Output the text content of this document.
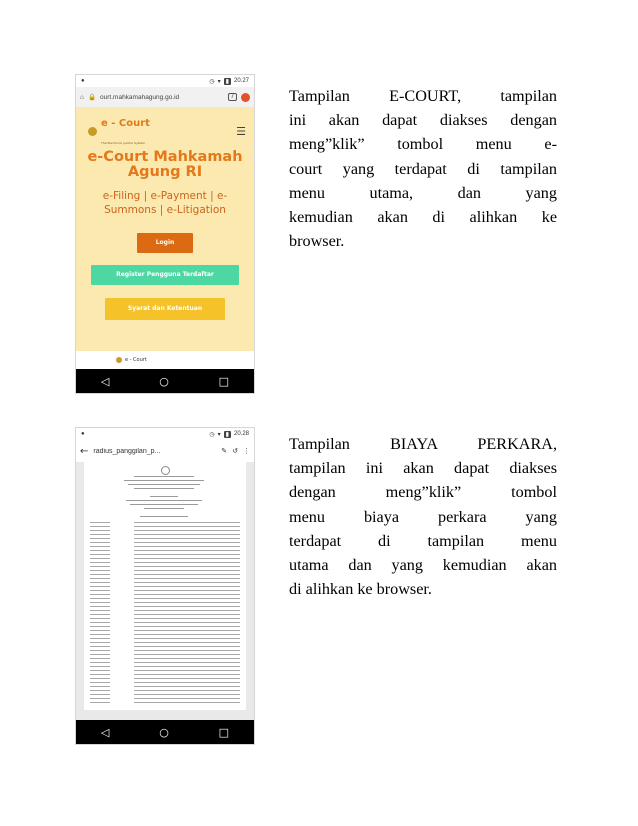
●	◷ ▾ ▮ 20.27
⌂ 🔒 ourt.mahkamahagung.go.id	7
e - Court
The Electronic Justice System
☰
e-Court Mahkamah
Agung RI
e-Filing | e-Payment | e-
Summons | e-Litigation
Login
Register Pengguna Terdaftar
Syarat dan Ketentuan
e - Court
◁	○	□
Tampilan E-COURT, tampilan
ini akan dapat diakses dengan
meng”klik” tombol menu e-
court yang terdapat di tampilan
menu utama, dan yang
kemudian akan di alihkan ke
browser.
●	◷ ▾ ▮ 20.28
← radius_panggilan_p...	✎ ↺ ⋮
◁	○	□
Tampilan BIAYA PERKARA,
tampilan ini akan dapat diakses
dengan meng”klik” tombol
menu biaya perkara yang
terdapat di tampilan menu
utama dan yang kemudian akan
di alihkan ke browser.
